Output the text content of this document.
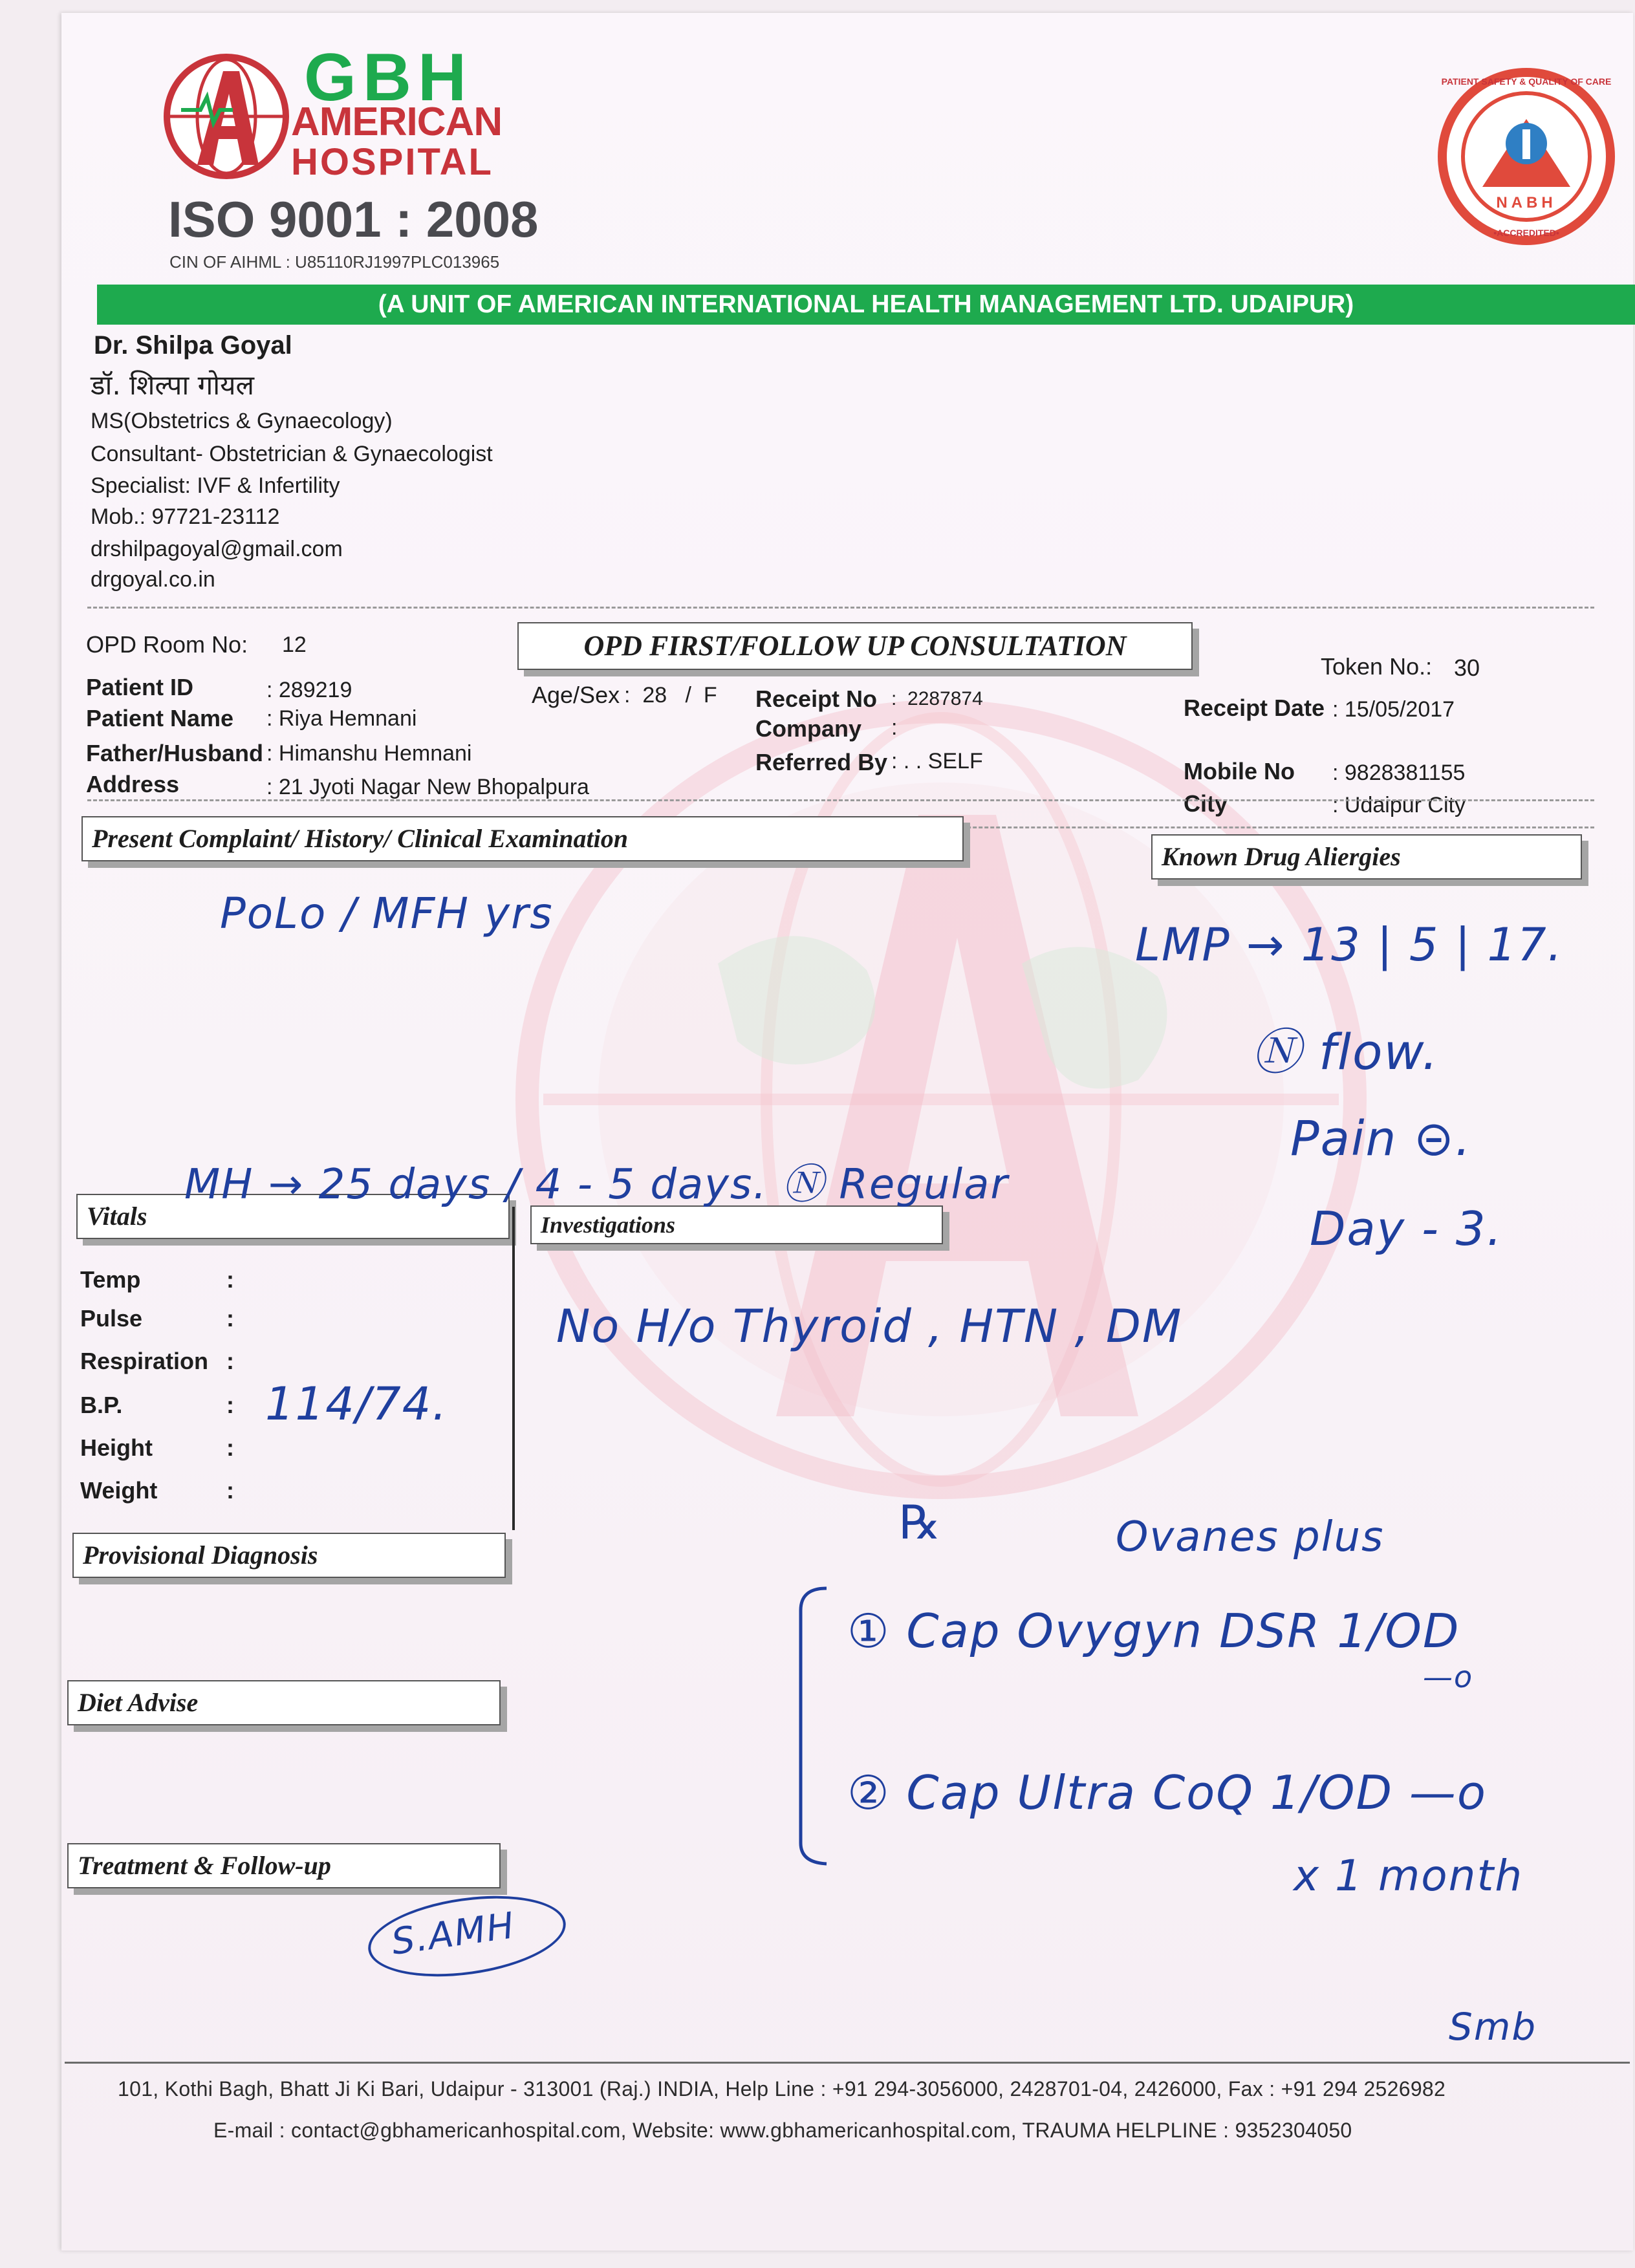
GBH
AMERICAN
HOSPITAL
ISO 9001 : 2008
CIN OF AIHML : U85110RJ1997PLC013965
NABH
PATIENT SAFETY & QUALITY OF CARE
•ACCREDITED•
(A UNIT OF AMERICAN INTERNATIONAL HEALTH MANAGEMENT LTD. UDAIPUR)
Dr. Shilpa Goyal
डॉ. शिल्पा गोयल
MS(Obstetrics & Gynaecology)
Consultant- Obstetrician & Gynaecologist
Specialist: IVF & Infertility
Mob.: 97721-23112
drshilpagoyal@gmail.com
drgoyal.co.in
OPD Room No: 12	OPD FIRST/FOLLOW UP CONSULTATION
Token No.: 30
Patient ID	: 289219
Patient Name : Riya Hemnani
Father/Husband : Himanshu Hemnani
Address	: 21 Jyoti Nagar New Bhopalpura
Age/Sex :  28   /  F Receipt No :  2287874
Company :
Referred By : . . SELF
Receipt Date : 15/05/2017
Mobile No : 9828381155
City	: Udaipur City
Present Complaint/ History/ Clinical Examination
Known Drug Aliergies
Vitals	Investigations
Provisional Diagnosis
Diet Advise
Treatment & Follow-up
Temp	:
Pulse	:
Respiration :
B.P.	:
Height	:
Weight	:
PoLo / MFH yrs
LMP → 13 | 5 | 17.
Ⓝ flow.
Pain ⊝.
Day - 3.
MH → 25 days / 4 - 5 days. Ⓝ Regular
114/74.
No H/o Thyroid , HTN , DM
℞	Ovanes plus
① Cap Ovygyn DSR 1/OD
—o
② Cap Ultra CoQ 1/OD —o
x 1 month
S.AMH
Smb
101, Kothi Bagh, Bhatt Ji Ki Bari, Udaipur - 313001 (Raj.) INDIA, Help Line : +91 294-3056000, 2428701-04, 2426000, Fax : +91 294 2526982
E-mail : contact@gbhamericanhospital.com, Website: www.gbhamericanhospital.com, TRAUMA HELPLINE : 9352304050
